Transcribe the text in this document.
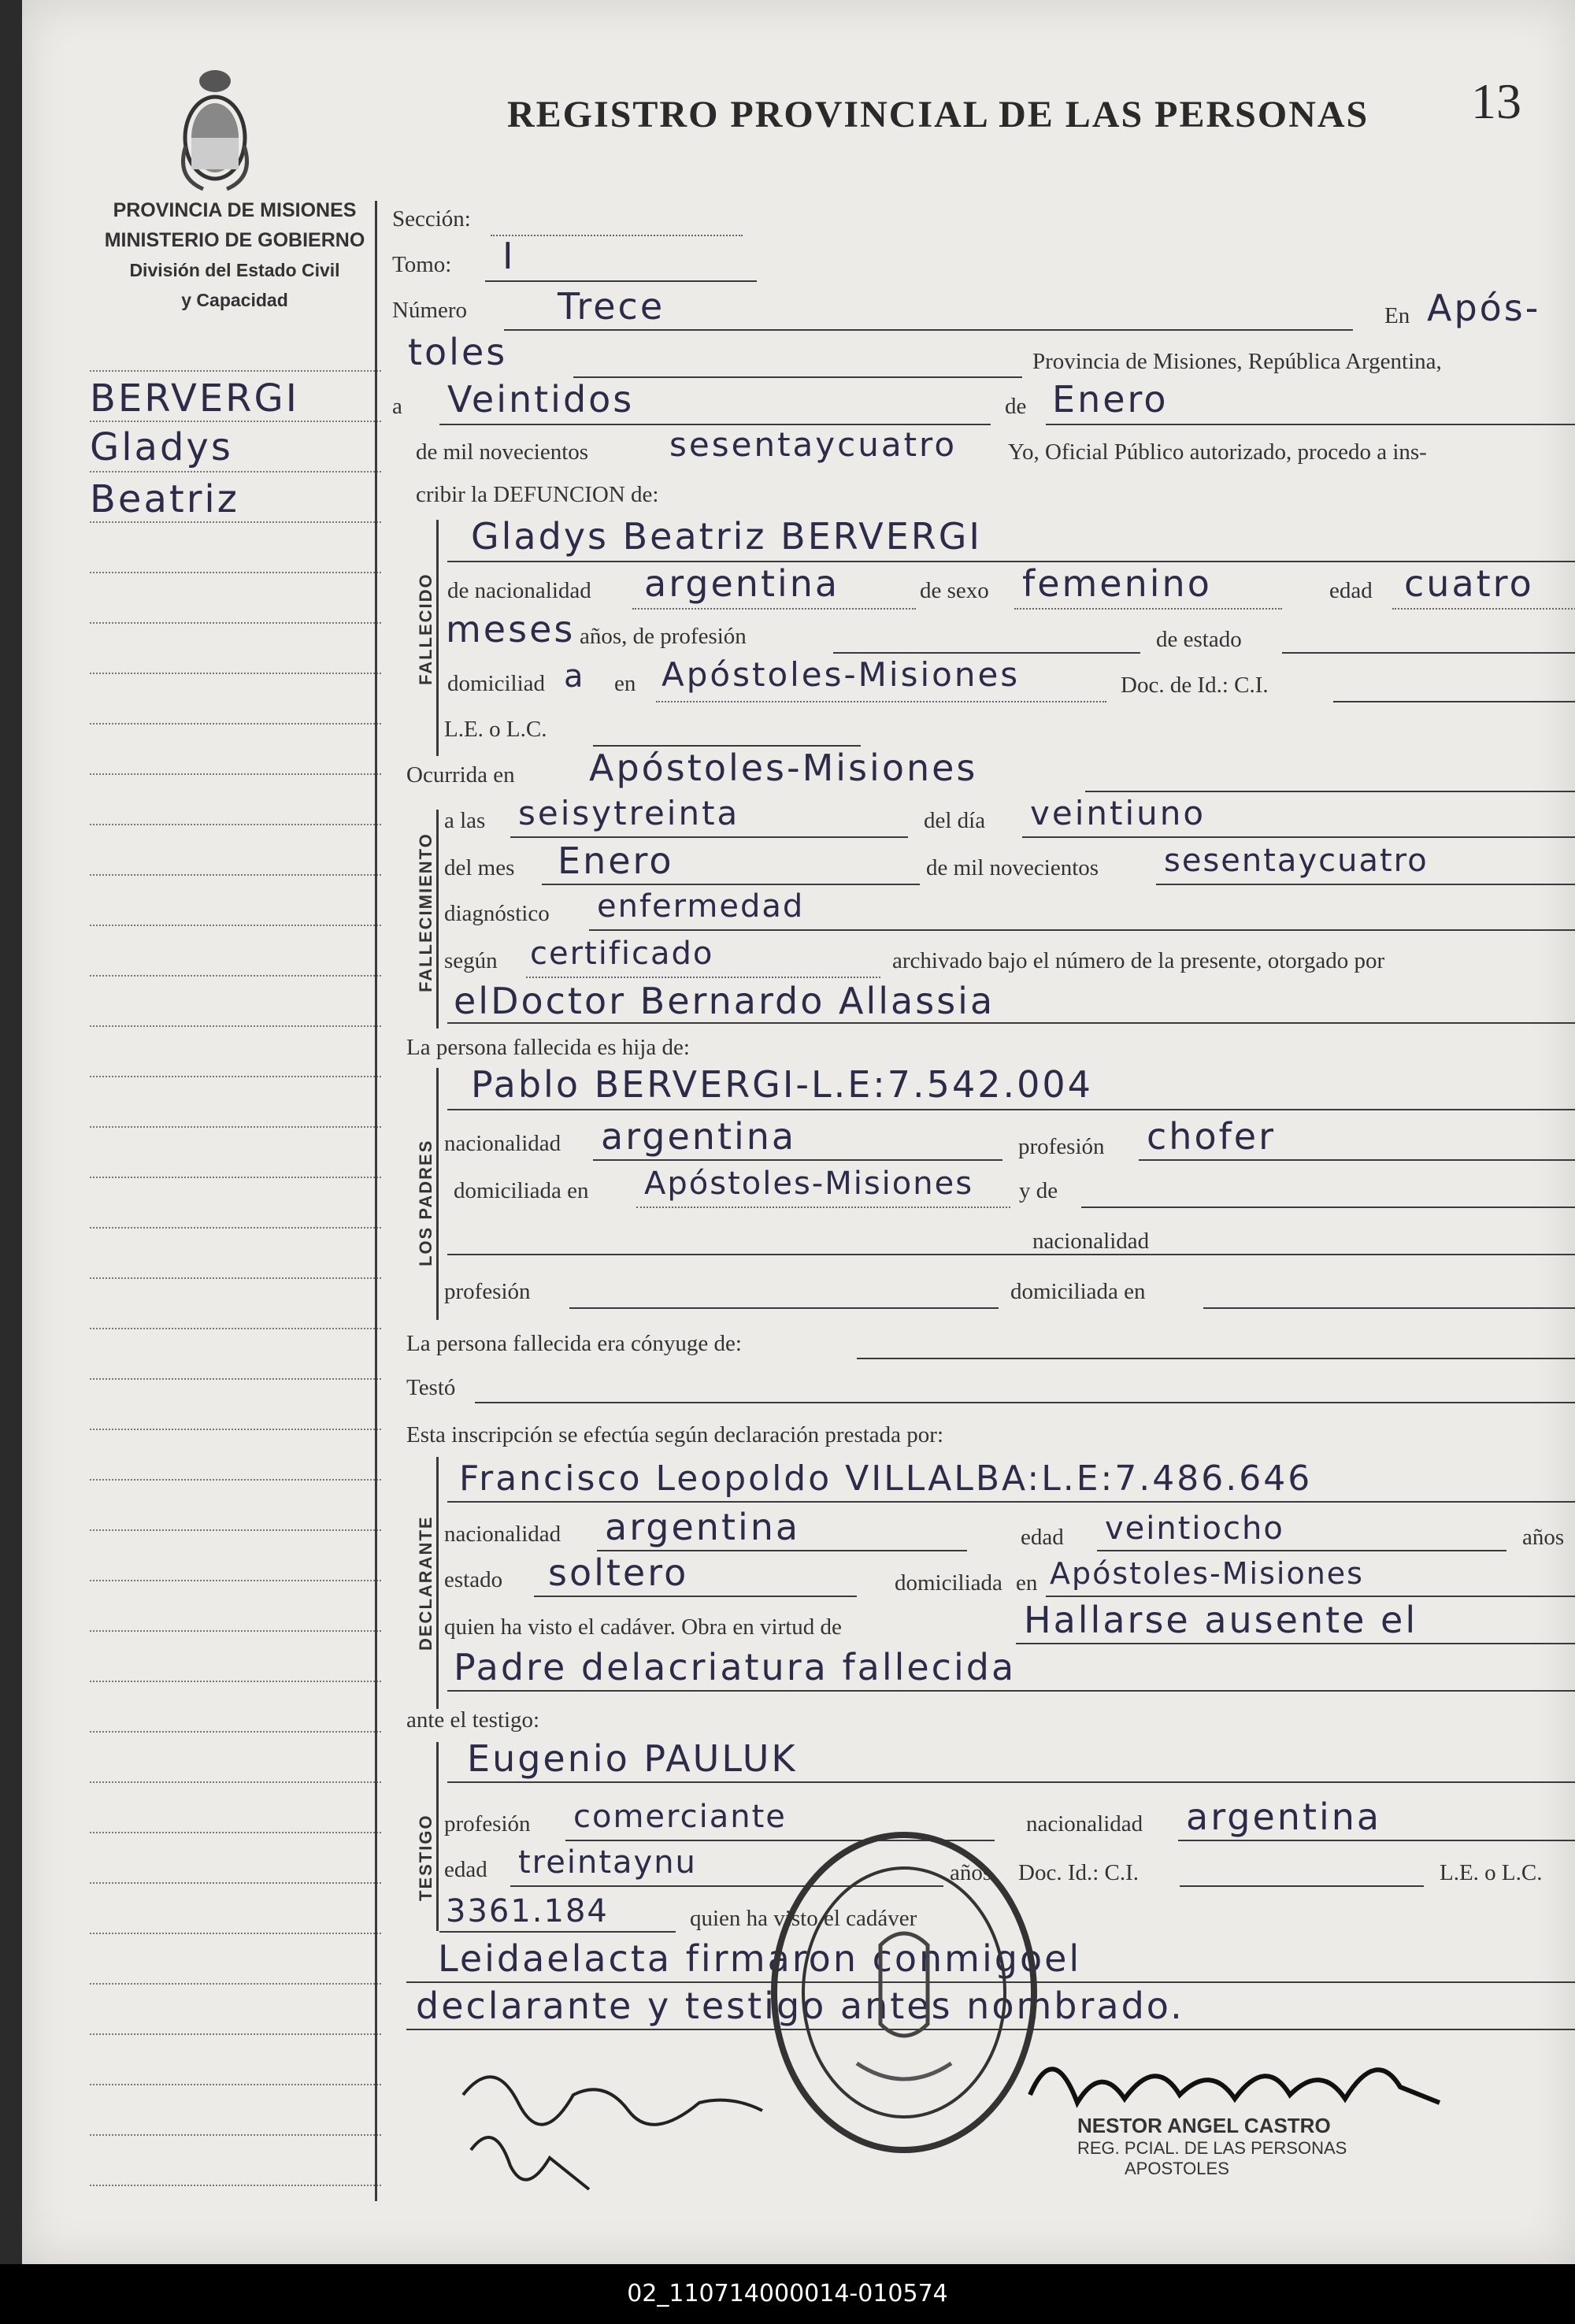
REGISTRO PROVINCIAL DE LAS PERSONAS 13
PROVINCIA DE MISIONES
MINISTERIO DE GOBIERNO
División del Estado Civil
y Capacidad
BERVERGI
Gladys
Beatriz
Sección:
Tomo: I
Número Trece	En Após-
toles	Provincia de Misiones, República Argentina,
a Veintidos	de Enero
de mil novecientos sesentaycuatro Yo, Oficial Público autorizado, procedo a ins-
cribir la DEFUNCION de:
FALLECIDO
Gladys Beatriz BERVERGI
de nacionalidad argentina	de sexo femenino	edad cuatro
meses años, de profesión	de estado
domiciliad a en Apóstoles-Misiones	Doc. de Id.: C.I.
L.E. o L.C.
Ocurrida en Apóstoles-Misiones
FALLECIMIENTO
a las seisytreinta	del día veintiuno
del mes Enero	de mil novecientos sesentaycuatro
diagnóstico enfermedad
según certificado	archivado bajo el número de la presente, otorgado por
elDoctor Bernardo Allassia
La persona fallecida es hija de:
LOS PADRES
Pablo BERVERGI-L.E:7.542.004
nacionalidad argentina	profesión chofer
domiciliada en Apóstoles-Misiones y de
nacionalidad
profesión	domiciliada en
La persona fallecida era cónyuge de:
Testó
Esta inscripción se efectúa según declaración prestada por:
DECLARANTE
Francisco Leopoldo VILLALBA:L.E:7.486.646
nacionalidad argentina	edad veintiocho	años
estado soltero	domiciliada en Apóstoles-Misiones
quien ha visto el cadáver. Obra en virtud de	Hallarse ausente el
Padre delacriatura fallecida
ante el testigo:
TESTIGO
Eugenio PAULUK
profesión comerciante	nacionalidad argentina
edad treintaynu	años Doc. Id.: C.I.	L.E. o L.C.
3361.184	quien ha visto el cadáver
Leidaelacta firmaron conmigoel
declarante y testigo antes nombrado.
NESTOR ANGEL CASTRO
REG. PCIAL. DE LAS PERSONAS
APOSTOLES
02_110714000014-010574
